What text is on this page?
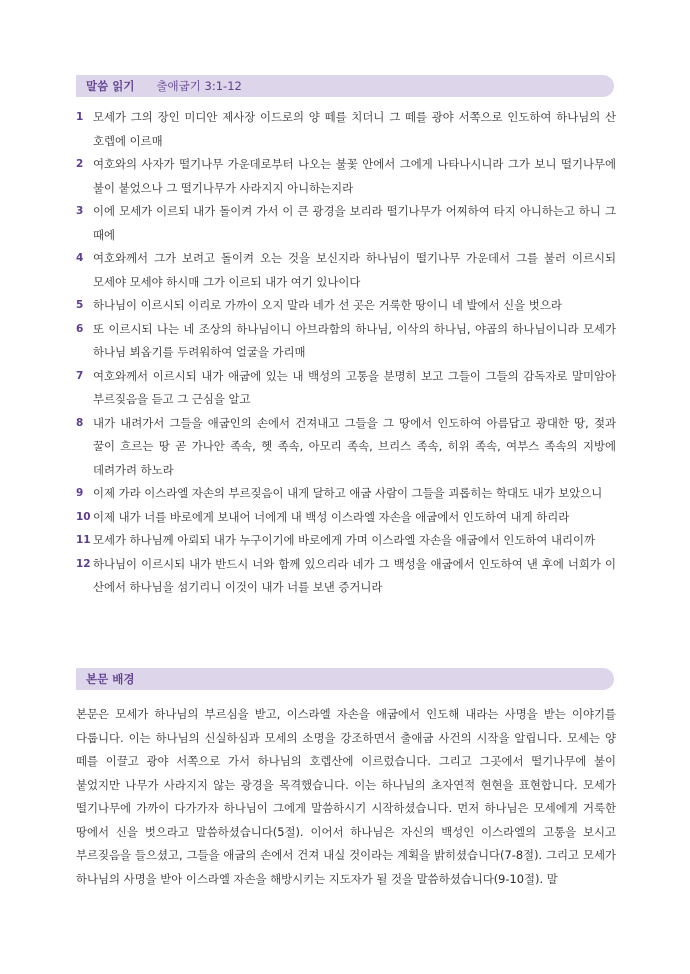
말씀 읽기 출애굽기 3:1-12
1 모세가 그의 장인 미디안 제사장 이드로의 양 떼를 치더니 그 떼를 광야 서쪽으로 인도하여 하나님의 산 호렙에 이르매
2 여호와의 사자가 떨기나무 가운데로부터 나오는 불꽃 안에서 그에게 나타나시니라 그가 보니 떨기나무에 불이 붙었으나 그 떨기나무가 사라지지 아니하는지라
3 이에 모세가 이르되 내가 돌이켜 가서 이 큰 광경을 보리라 떨기나무가 어찌하여 타지 아니하는고 하니 그 때에
4 여호와께서 그가 보려고 돌이켜 오는 것을 보신지라 하나님이 떨기나무 가운데서 그를 불러 이르시되 모세야 모세야 하시매 그가 이르되 내가 여기 있나이다
5 하나님이 이르시되 이리로 가까이 오지 말라 네가 선 곳은 거룩한 땅이니 네 발에서 신을 벗으라
6 또 이르시되 나는 네 조상의 하나님이니 아브라함의 하나님, 이삭의 하나님, 야곱의 하나님이니라 모세가 하나님 뵈옵기를 두려워하여 얼굴을 가리매
7 여호와께서 이르시되 내가 애굽에 있는 내 백성의 고통을 분명히 보고 그들이 그들의 감독자로 말미암아 부르짖음을 듣고 그 근심을 알고
8 내가 내려가서 그들을 애굽인의 손에서 건져내고 그들을 그 땅에서 인도하여 아름답고 광대한 땅, 젖과 꿀이 흐르는 땅 곧 가나안 족속, 헷 족속, 아모리 족속, 브리스 족속, 히위 족속, 여부스 족속의 지방에 데려가려 하노라
9 이제 가라 이스라엘 자손의 부르짖음이 내게 달하고 애굽 사람이 그들을 괴롭히는 학대도 내가 보았으니
10 이제 내가 너를 바로에게 보내어 너에게 내 백성 이스라엘 자손을 애굽에서 인도하여 내게 하리라
11 모세가 하나님께 아뢰되 내가 누구이기에 바로에게 가며 이스라엘 자손을 애굽에서 인도하여 내리이까
12 하나님이 이르시되 내가 반드시 너와 함께 있으리라 네가 그 백성을 애굽에서 인도하여 낸 후에 너희가 이 산에서 하나님을 섬기리니 이것이 내가 너를 보낸 증거니라
본문 배경

본문은 모세가 하나님의 부르심을 받고, 이스라엘 자손을 애굽에서 인도해 내라는 사명을 받는 이야기를 다룹니다. 이는 하나님의 신실하심과 모세의 소명을 강조하면서 출애굽 사건의 시작을 알립니다. 모세는 양 떼를 이끌고 광야 서쪽으로 가서 하나님의 호렙산에 이르렀습니다. 그리고 그곳에서 떨기나무에 불이 붙었지만 나무가 사라지지 않는 광경을 목격했습니다. 이는 하나님의 초자연적 현현을 표현합니다. 모세가 떨기나무에 가까이 다가가자 하나님이 그에게 말씀하시기 시작하셨습니다. 먼저 하나님은 모세에게 거룩한 땅에서 신을 벗으라고 말씀하셨습니다(5절). 이어서 하나님은 자신의 백성인 이스라엘의 고통을 보시고 부르짖음을 들으셨고, 그들을 애굽의 손에서 건져 내실 것이라는 계획을 밝히셨습니다(7-8절). 그리고 모세가 하나님의 사명을 받아 이스라엘 자손을 해방시키는 지도자가 될 것을 말씀하셨습니다(9-10절). 말
